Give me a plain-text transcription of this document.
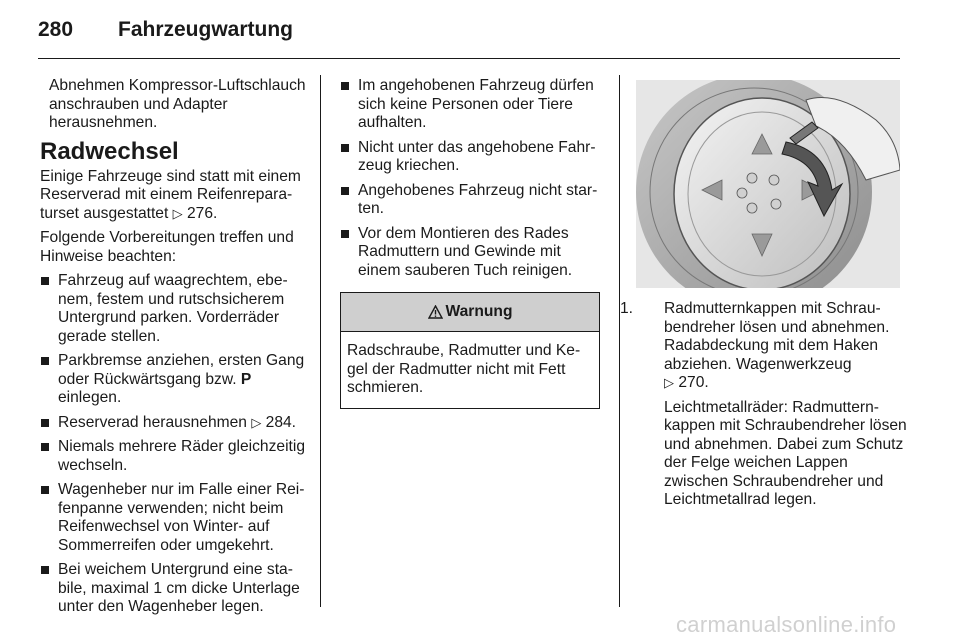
280 Fahrzeugwartung
Abnehmen Kompressor-Luftschlauch anschrauben und Adapter herausnehmen.
Radwechsel
Einige Fahrzeuge sind statt mit einem Reserverad mit einem Reifenreparaturset ausgestattet ▷ 276.
Folgende Vorbereitungen treffen und Hinweise beachten:
Fahrzeug auf waagrechtem, ebenem, festem und rutschsicherem Untergrund parken. Vorderräder gerade stellen.
Parkbremse anziehen, ersten Gang oder Rückwärtsgang bzw. P einlegen.
Reserverad herausnehmen ▷ 284.
Niemals mehrere Räder gleichzeitig wechseln.
Wagenheber nur im Falle einer Reifenpanne verwenden; nicht beim Reifenwechsel von Winter- auf Sommerreifen oder umgekehrt.
Bei weichem Untergrund eine stabile, maximal 1 cm dicke Unterlage unter den Wagenheber legen.
Im angehobenen Fahrzeug dürfen sich keine Personen oder Tiere aufhalten.
Nicht unter das angehobene Fahrzeug kriechen.
Angehobenes Fahrzeug nicht starten.
Vor dem Montieren des Rades Radmuttern und Gewinde mit einem sauberen Tuch reinigen.
Warnung
Radschraube, Radmutter und Kegel der Radmutter nicht mit Fett schmieren.
1. Radmutternkappen mit Schraubendreher lösen und abnehmen. Radabdeckung mit dem Haken abziehen. Wagenwerkzeug
▷ 270.
Leichtmetallräder: Radmutternkappen mit Schraubendreher lösen und abnehmen. Dabei zum Schutz der Felge weichen Lappen zwischen Schraubendreher und Leichtmetallrad legen.
carmanualsonline.info
